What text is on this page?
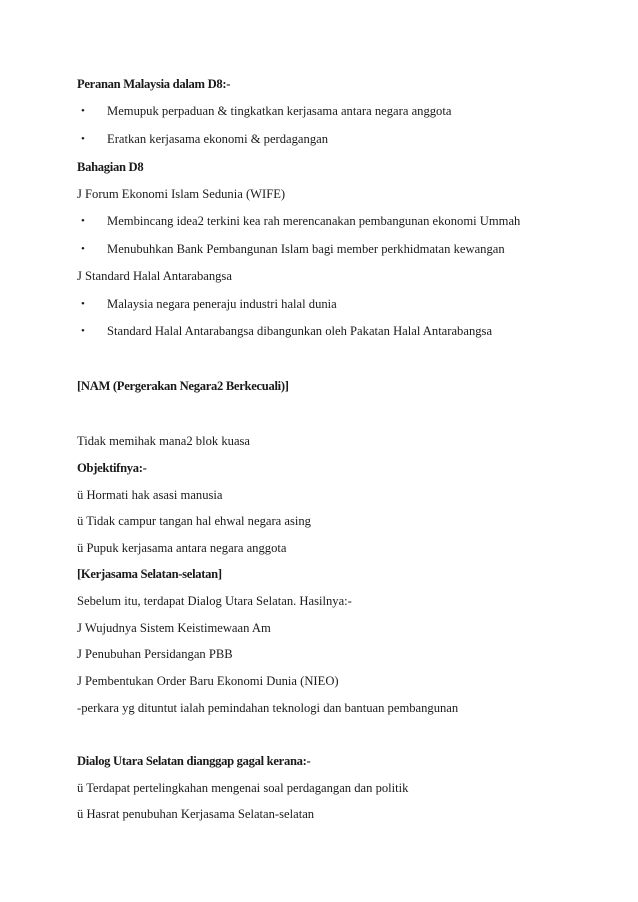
Peranan Malaysia dalam D8:-
• Memupuk perpaduan & tingkatkan kerjasama antara negara anggota
• Eratkan kerjasama ekonomi & perdagangan
Bahagian D8
J Forum Ekonomi Islam Sedunia (WIFE)
• Membincang idea2 terkini kea rah merencanakan pembangunan ekonomi Ummah
• Menubuhkan Bank Pembangunan Islam bagi member perkhidmatan kewangan
J Standard Halal Antarabangsa
• Malaysia negara peneraju industri halal dunia
• Standard Halal Antarabangsa dibangunkan oleh Pakatan Halal Antarabangsa
[NAM (Pergerakan Negara2 Berkecuali)]
Tidak memihak mana2 blok kuasa
Objektifnya:-
ü Hormati hak asasi manusia
ü Tidak campur tangan hal ehwal negara asing
ü Pupuk kerjasama antara negara anggota
[Kerjasama Selatan-selatan]
Sebelum itu, terdapat Dialog Utara Selatan. Hasilnya:-
J Wujudnya Sistem Keistimewaan Am
J Penubuhan Persidangan PBB
J Pembentukan Order Baru Ekonomi Dunia (NIEO)
-perkara yg dituntut ialah pemindahan teknologi dan bantuan pembangunan
Dialog Utara Selatan dianggap gagal kerana:-
ü Terdapat pertelingkahan mengenai soal perdagangan dan politik
ü Hasrat penubuhan Kerjasama Selatan-selatan
